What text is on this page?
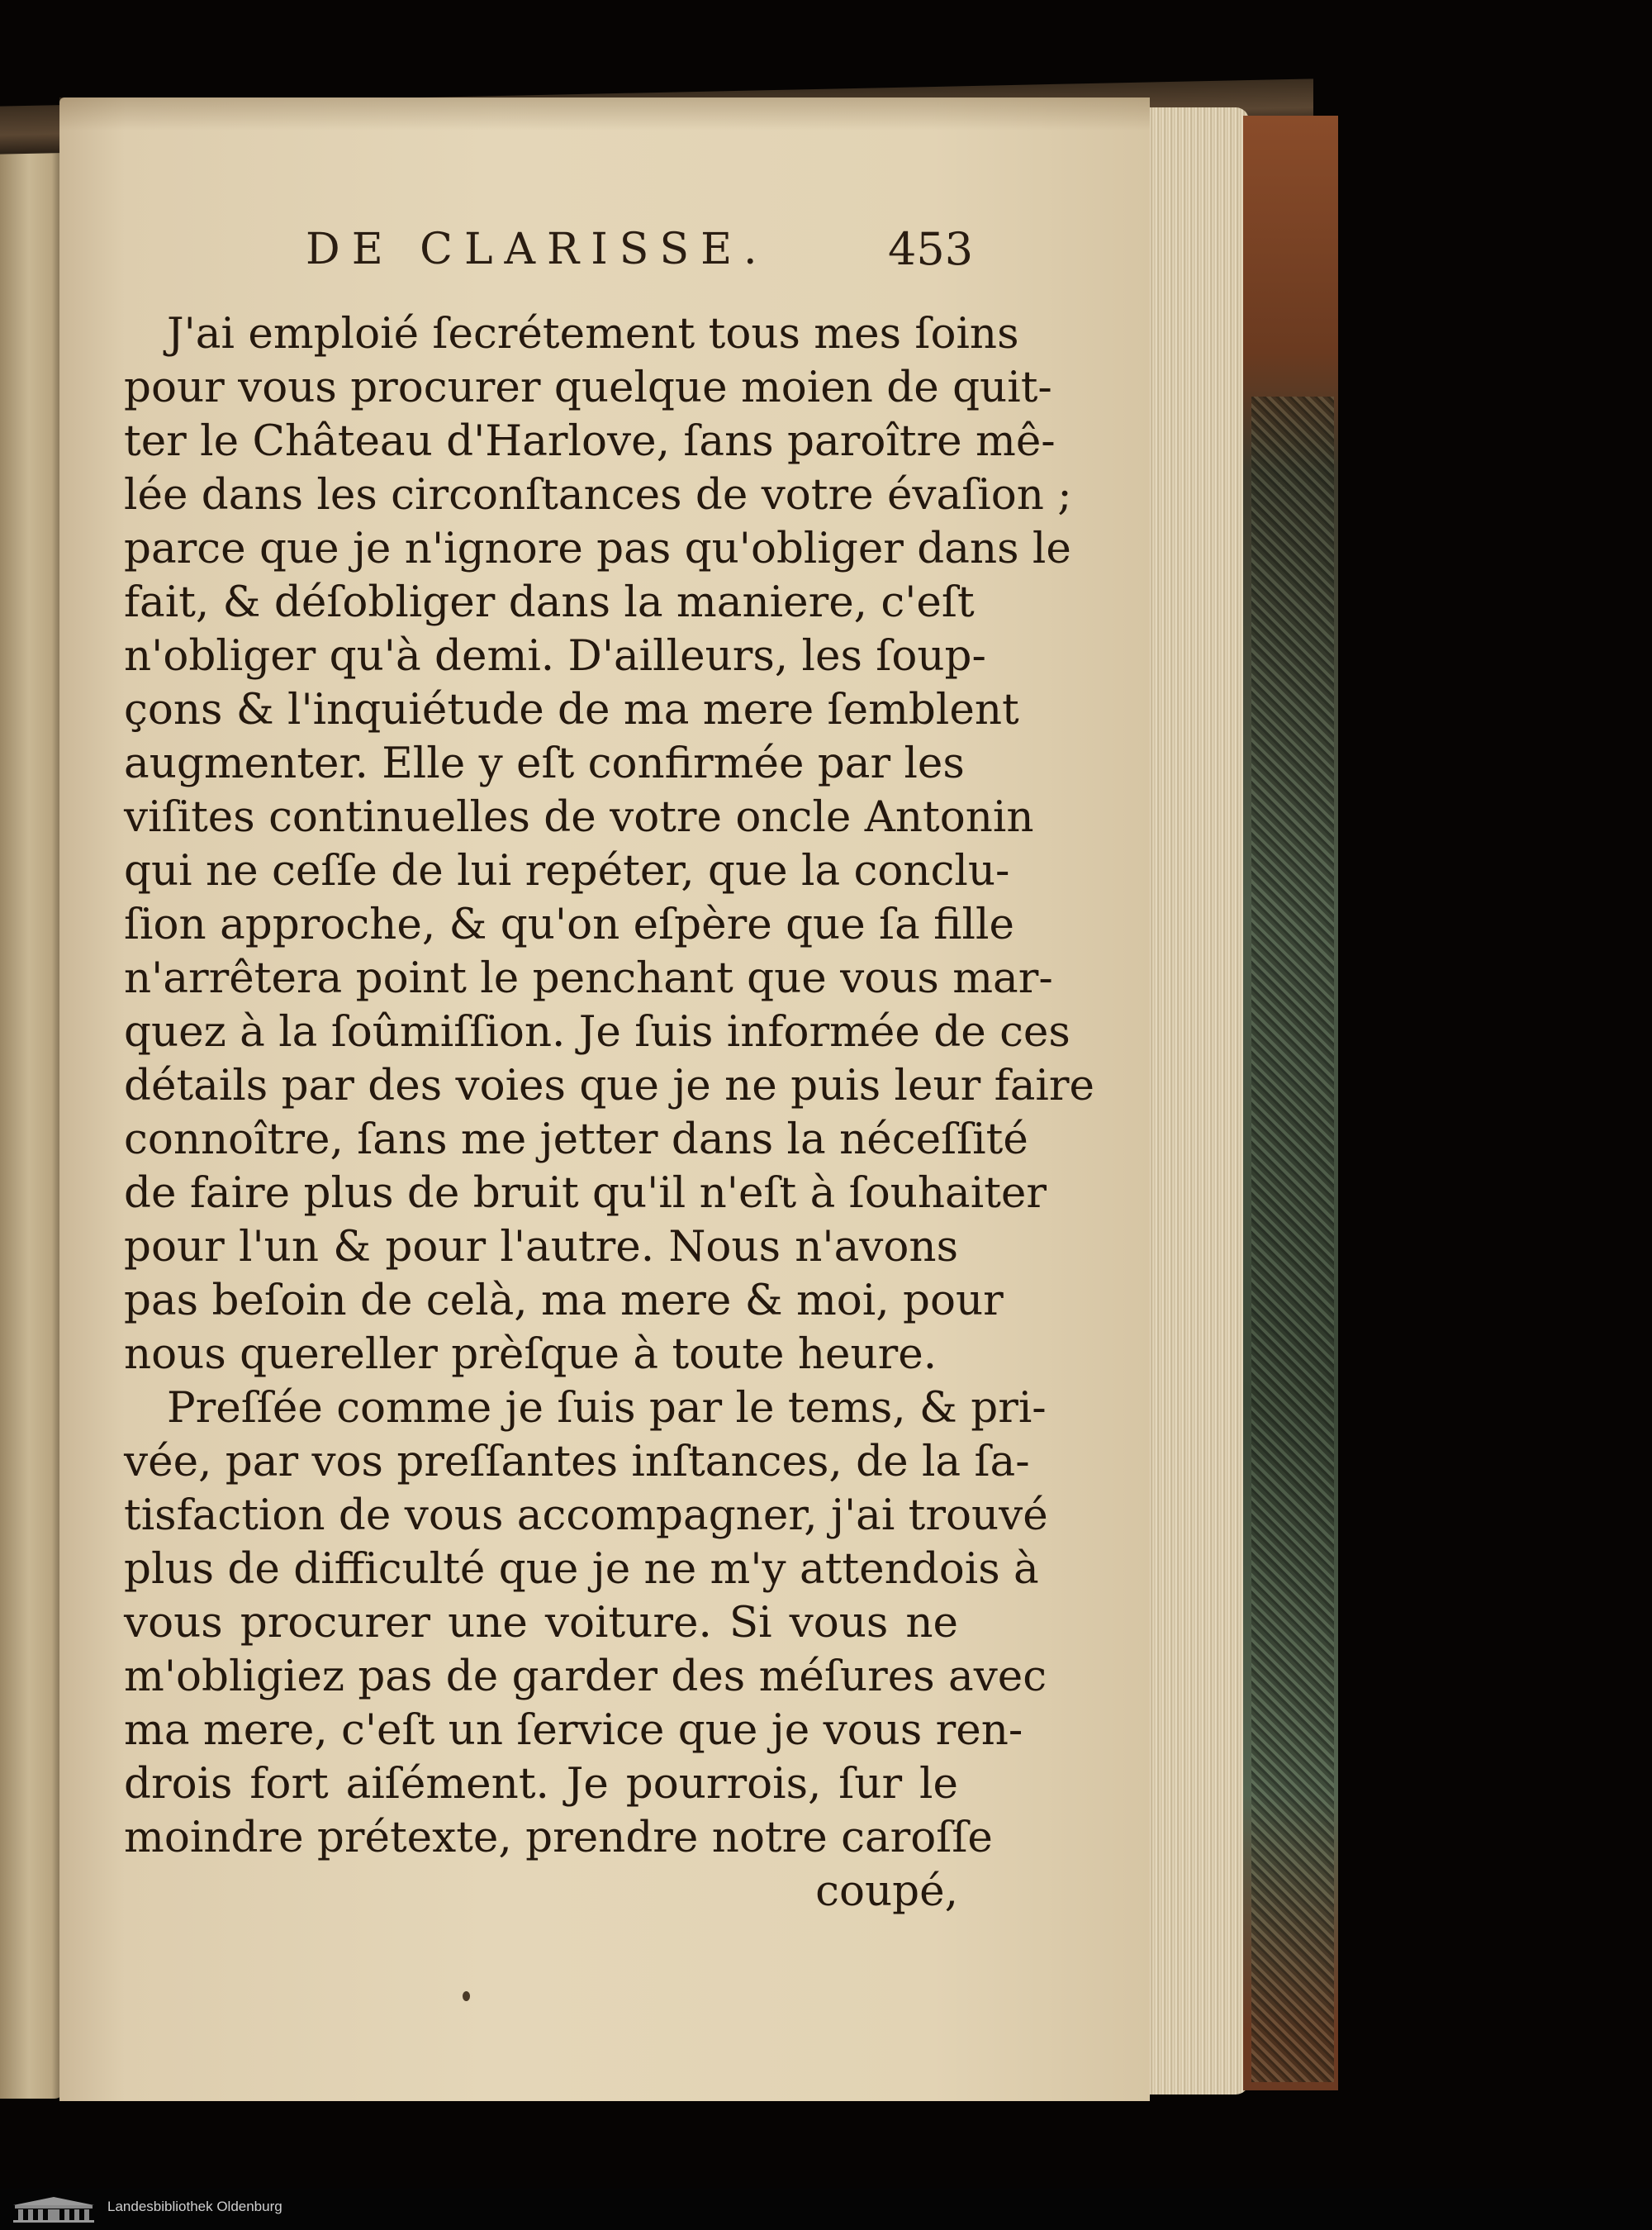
DE CLARISSE.	453
J'ai emploié ſecrétement tous mes ſoins
pour vous procurer quelque moien de quit-
ter le Château d'Harlove, ſans paroître mê-
lée dans les circonſtances de votre évaſion ;
parce que je n'ignore pas qu'obliger dans le
fait, & déſobliger dans la maniere, c'eſt
n'obliger qu'à demi. D'ailleurs, les ſoup-
çons & l'inquiétude de ma mere ſemblent
augmenter. Elle y eſt confirmée par les
viſites continuelles de votre oncle Antonin
qui ne ceſſe de lui repéter, que la conclu-
ſion approche, & qu'on eſpère que ſa fille
n'arrêtera point le penchant que vous mar-
quez à la ſoûmiſſion. Je ſuis informée de ces
détails par des voies que je ne puis leur faire
connoître, ſans me jetter dans la néceſſité
de faire plus de bruit qu'il n'eſt à ſouhaiter
pour l'un & pour l'autre. Nous n'avons
pas beſoin de celà, ma mere & moi, pour
nous quereller prèſque à toute heure.
Preſſée comme je ſuis par le tems, & pri-
vée, par vos preſſantes inſtances, de la ſa-
tisfaction de vous accompagner, j'ai trouvé
plus de difficulté que je ne m'y attendois à
vous procurer une voiture. Si vous ne
m'obligiez pas de garder des méſures avec
ma mere, c'eſt un ſervice que je vous ren-
drois fort aiſément. Je pourrois, ſur le
moindre prétexte, prendre notre caroſſe
coupé,
Landesbibliothek Oldenburg
